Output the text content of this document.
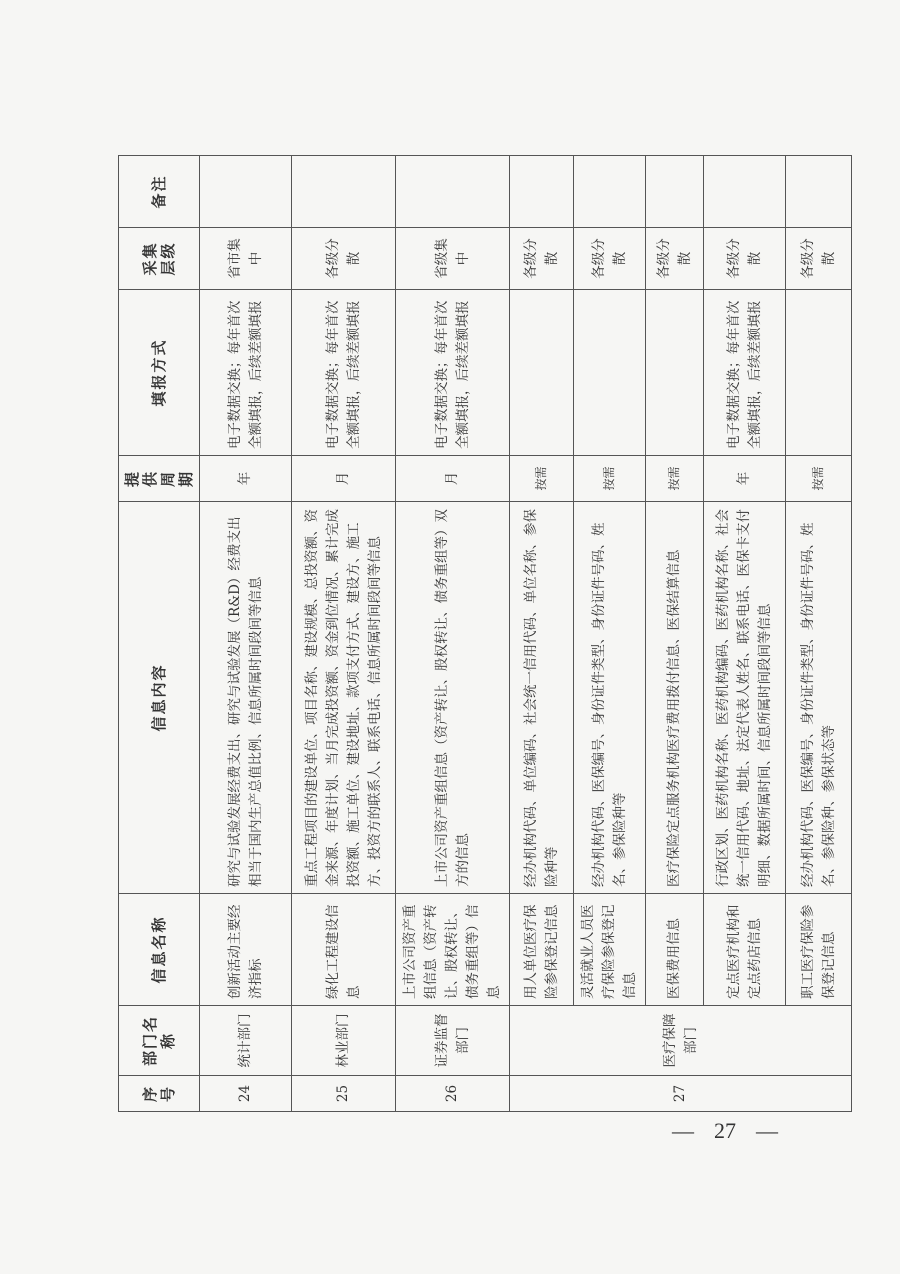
序号	部门名称	信息名称	信息内容	提供周期	填报方式	采集层级	备注
24	统计部门	创新活动主要经济指标	研究与试验发展经费支出、研究与试验发展（R&D）经费支出相当于国内生产总值比例、信息所属时间段间等信息	年	电子数据交换；每年首次全额填报，后续差额填报	省市集中	
25	林业部门	绿化工程建设信息	重点工程项目的建设单位、项目名称、建设规模、总投资额、资金来源、年度计划、当月完成投资额、资金到位情况、累计完成投资额、施工单位、建设地址、款项支付方式、建设方、施工方、投资方的联系人、联系电话、信息所属时间段间等信息	月	电子数据交换；每年首次全额填报，后续差额填报	各级分散	
26	证券监督部门	上市公司资产重组信息（资产转让、股权转让、债务重组等）信息	上市公司资产重组信息（资产转让、股权转让、债务重组等）双方的信息	月	电子数据交换；每年首次全额填报，后续差额填报	省级集中	
27	医疗保障部门	用人单位医疗保险参保登记信息	经办机构代码、单位编码、社会统一信用代码、单位名称、参保险种等	按需		各级分散	
		灵活就业人员医疗保险参保登记信息	经办机构代码、医保编号、身份证件类型、身份证件号码、姓名、参保险种等	按需		各级分散	
		医保费用信息	医疗保险定点服务机构医疗费用拨付信息、医保结算信息	按需		各级分散	
		定点医疗机构和定点药店信息	行政区划、医药机构名称、医药机构编码、医药机构名称、社会统一信用代码、地址、法定代表人姓名、联系电话、医保卡支付明细、数据所属时间、信息所属时间段间等信息	年	电子数据交换；每年首次全额填报，后续差额填报	各级分散	
		职工医疗保险参保登记信息	经办机构代码、医保编号、身份证件类型、身份证件号码、姓名、参保险种、参保状态等	按需		各级分散	
— 27 —
